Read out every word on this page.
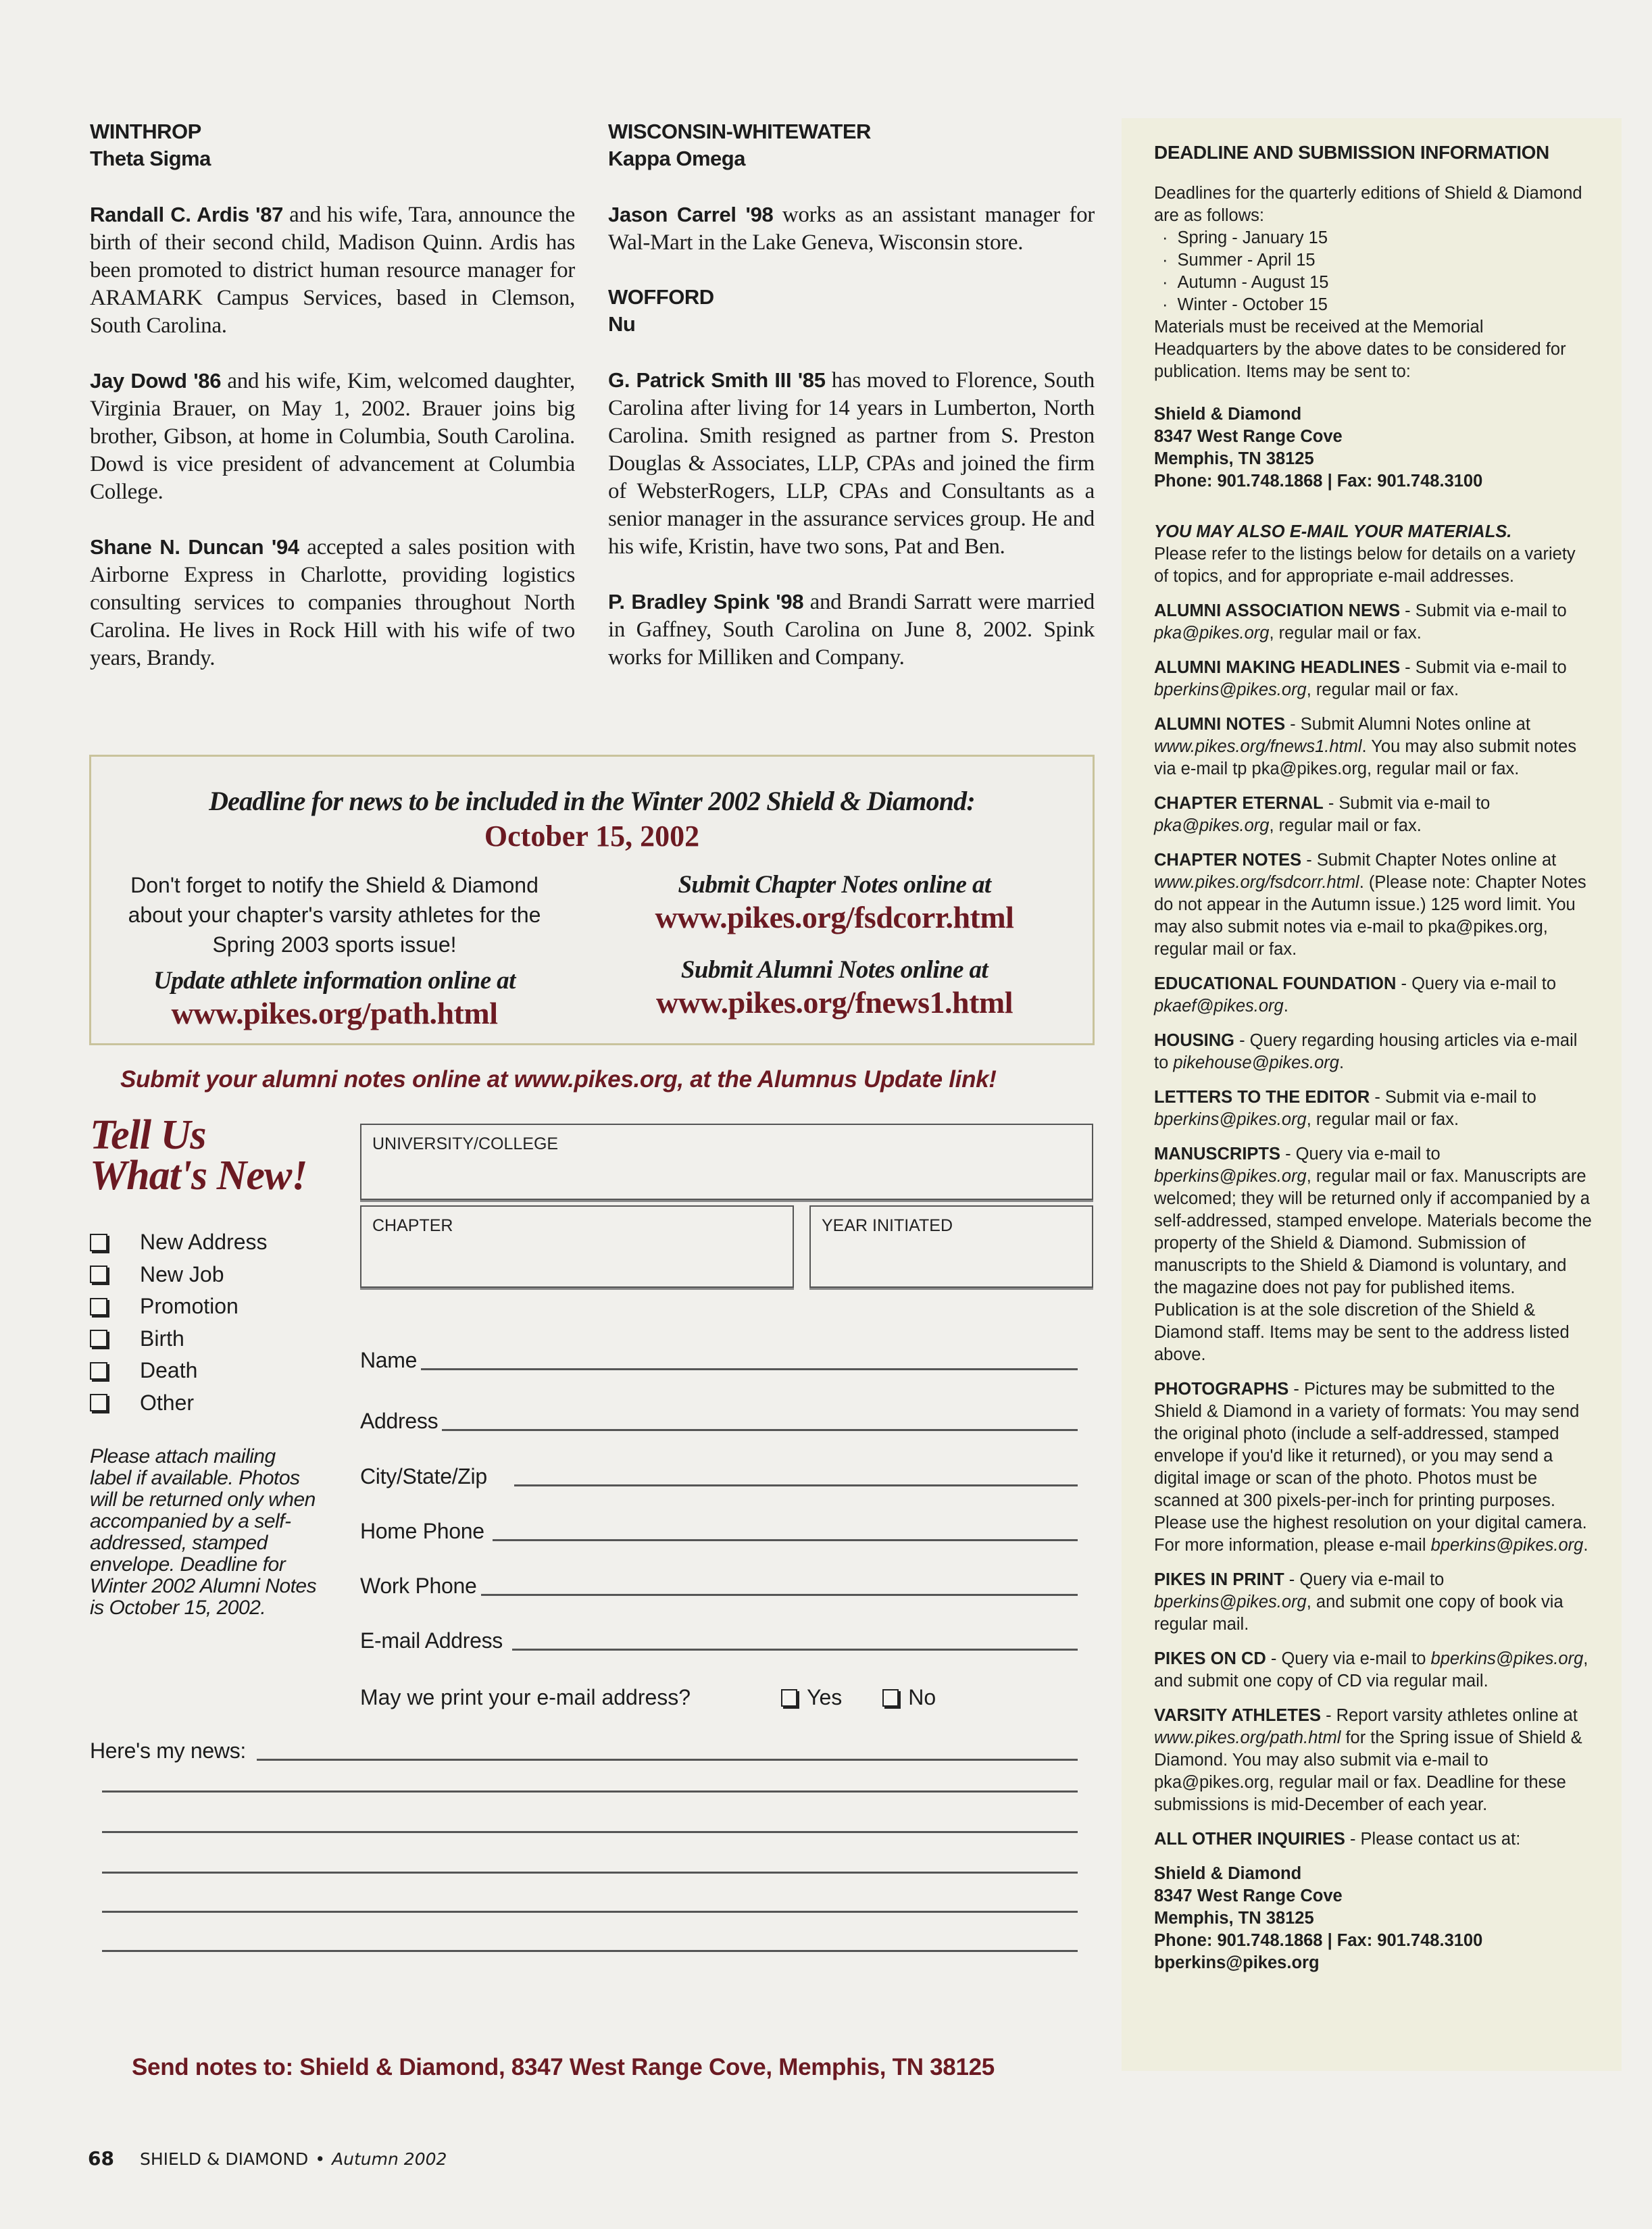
WINTHROP
Theta Sigma

Randall C. Ardis '87 and his wife, Tara, announce the birth of their second child, Madison Quinn. Ardis has been promoted to district human resource manager for ARAMARK Campus Services, based in Clemson, South Carolina.

Jay Dowd '86 and his wife, Kim, welcomed daughter, Virginia Brauer, on May 1, 2002. Brauer joins big brother, Gibson, at home in Columbia, South Carolina. Dowd is vice president of advancement at Columbia College.

Shane N. Duncan '94 accepted a sales position with Airborne Express in Charlotte, providing logistics consulting services to companies throughout North Carolina. He lives in Rock Hill with his wife of two years, Brandy.

WISCONSIN-WHITEWATER
Kappa Omega

Jason Carrel '98 works as an assistant manager for Wal-Mart in the Lake Geneva, Wisconsin store.

WOFFORD
Nu

G. Patrick Smith III '85 has moved to Florence, South Carolina after living for 14 years in Lumberton, North Carolina. Smith resigned as partner from S. Preston Douglas & Associates, LLP, CPAs and joined the firm of WebsterRogers, LLP, CPAs and Consultants as a senior manager in the assurance services group. He and his wife, Kristin, have two sons, Pat and Ben.

P. Bradley Spink '98 and Brandi Sarratt were married in Gaffney, South Carolina on June 8, 2002. Spink works for Milliken and Company.

Deadline for news to be included in the Winter 2002 Shield & Diamond:
October 15, 2002
Don't forget to notify the Shield & Diamond about your chapter's varsity athletes for the Spring 2003 sports issue!
Update athlete information online at
www.pikes.org/path.html
Submit Chapter Notes online at
www.pikes.org/fsdcorr.html
Submit Alumni Notes online at
www.pikes.org/fnews1.html
Submit your alumni notes online at www.pikes.org, at the Alumnus Update link!
Tell Us
What's New!
New Address
New Job
Promotion
Birth
Death
Other
Please attach mailing label if available. Photos will be returned only when accompanied by a self-addressed, stamped envelope. Deadline for Winter 2002 Alumni Notes is October 15, 2002.
UNIVERSITY/COLLEGE
CHAPTER	YEAR INITIATED
Name
Address
City/State/Zip
Home Phone
Work Phone
E-mail Address
May we print your e-mail address?	Yes	No
Here's my news:
Send notes to: Shield & Diamond, 8347 West Range Cove, Memphis, TN 38125
68 SHIELD & DIAMOND • Autumn 2002
DEADLINE AND SUBMISSION INFORMATION
Deadlines for the quarterly editions of Shield & Diamond are as follows:
· Spring - January 15
· Summer - April 15
· Autumn - August 15
· Winter - October 15
Materials must be received at the Memorial Headquarters by the above dates to be considered for publication. Items may be sent to:
Shield & Diamond
8347 West Range Cove
Memphis, TN 38125
Phone: 901.748.1868 | Fax: 901.748.3100
YOU MAY ALSO E-MAIL YOUR MATERIALS.
Please refer to the listings below for details on a variety of topics, and for appropriate e-mail addresses.
ALUMNI ASSOCIATION NEWS - Submit via e-mail to pka@pikes.org, regular mail or fax.
ALUMNI MAKING HEADLINES - Submit via e-mail to bperkins@pikes.org, regular mail or fax.
ALUMNI NOTES - Submit Alumni Notes online at www.pikes.org/fnews1.html. You may also submit notes via e-mail tp pka@pikes.org, regular mail or fax.
CHAPTER ETERNAL - Submit via e-mail to pka@pikes.org, regular mail or fax.
CHAPTER NOTES - Submit Chapter Notes online at www.pikes.org/fsdcorr.html. (Please note: Chapter Notes do not appear in the Autumn issue.) 125 word limit. You may also submit notes via e-mail to pka@pikes.org, regular mail or fax.
EDUCATIONAL FOUNDATION - Query via e-mail to pkaef@pikes.org.
HOUSING - Query regarding housing articles via e-mail to pikehouse@pikes.org.
LETTERS TO THE EDITOR - Submit via e-mail to bperkins@pikes.org, regular mail or fax.
MANUSCRIPTS - Query via e-mail to bperkins@pikes.org, regular mail or fax. Manuscripts are welcomed; they will be returned only if accompanied by a self-addressed, stamped envelope. Materials become the property of the Shield & Diamond. Submission of manuscripts to the Shield & Diamond is voluntary, and the magazine does not pay for published items. Publication is at the sole discretion of the Shield & Diamond staff. Items may be sent to the address listed above.
PHOTOGRAPHS - Pictures may be submitted to the Shield & Diamond in a variety of formats: You may send the original photo (include a self-addressed, stamped envelope if you'd like it returned), or you may send a digital image or scan of the photo. Photos must be scanned at 300 pixels-per-inch for printing purposes. Please use the highest resolution on your digital camera. For more information, please e-mail bperkins@pikes.org.
PIKES IN PRINT - Query via e-mail to bperkins@pikes.org, and submit one copy of book via regular mail.
PIKES ON CD - Query via e-mail to bperkins@pikes.org, and submit one copy of CD via regular mail.
VARSITY ATHLETES - Report varsity athletes online at www.pikes.org/path.html for the Spring issue of Shield & Diamond. You may also submit via e-mail to pka@pikes.org, regular mail or fax. Deadline for these submissions is mid-December of each year.
ALL OTHER INQUIRIES - Please contact us at:
Shield & Diamond
8347 West Range Cove
Memphis, TN 38125
Phone: 901.748.1868 | Fax: 901.748.3100
bperkins@pikes.org
